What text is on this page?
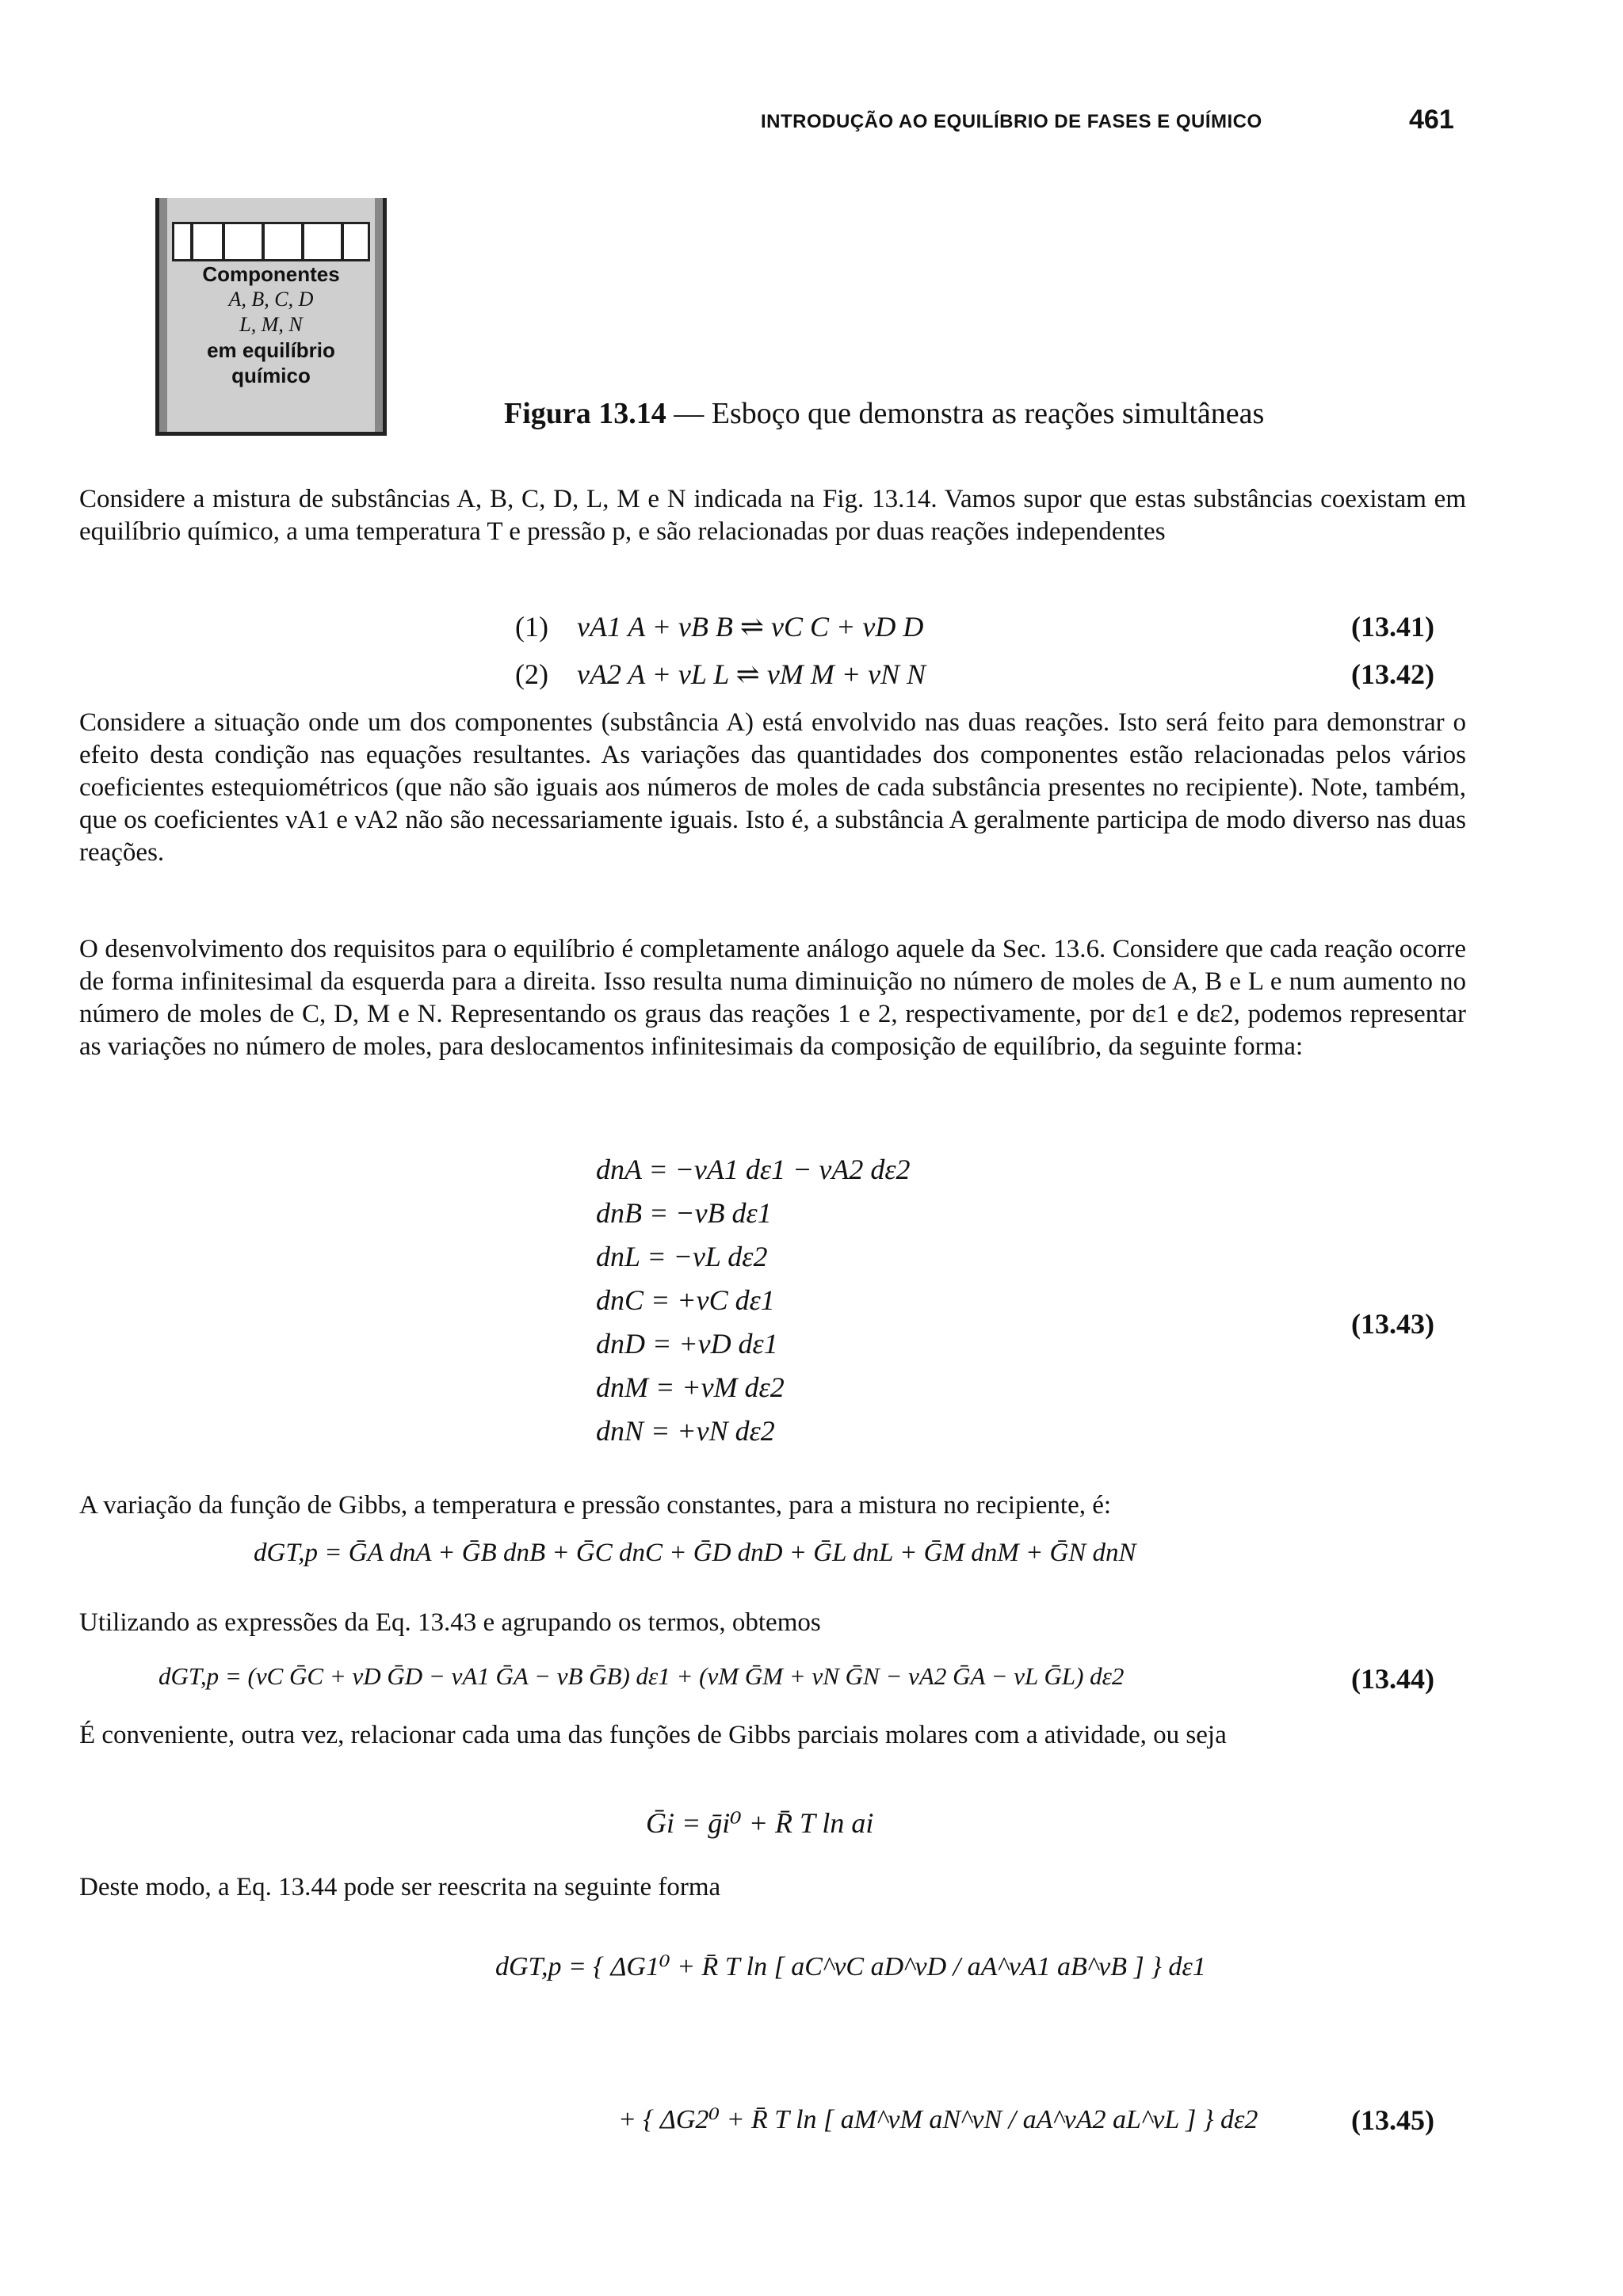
INTRODUÇÃO AO EQUILÍBRIO DE FASES E QUÍMICO	461
Componentes
A, B, C, D
L, M, N
em equilíbrio
químico
Figura 13.14 — Esboço que demonstra as reações simultâneas

Considere a mistura de substâncias A, B, C, D, L, M e N indicada na Fig. 13.14. Vamos supor que estas substâncias coexistam em equilíbrio químico, a uma temperatura T e pressão p, e são relacionadas por duas reações independentes

(1) νA1 A + νB B ⇌ νC C + νD D	(13.41)
(2) νA2 A + νL L ⇌ νM M + νN N	(13.42)

Considere a situação onde um dos componentes (substância A) está envolvido nas duas reações. Isto será feito para demonstrar o efeito desta condição nas equações resultantes. As variações das quantidades dos componentes estão relacionadas pelos vários coeficientes estequiométricos (que não são iguais aos números de moles de cada substância presentes no recipiente). Note, também, que os coeficientes νA1 e νA2 não são necessariamente iguais. Isto é, a substância A geralmente participa de modo diverso nas duas reações.

O desenvolvimento dos requisitos para o equilíbrio é completamente análogo aquele da Sec. 13.6. Considere que cada reação ocorre de forma infinitesimal da esquerda para a direita. Isso resulta numa diminuição no número de moles de A, B e L e num aumento no número de moles de C, D, M e N. Representando os graus das reações 1 e 2, respectivamente, por dε1 e dε2, podemos representar as variações no número de moles, para deslocamentos infinitesimais da composição de equilíbrio, da seguinte forma:

dnA = −νA1 dε1 − νA2 dε2
dnB = −νB dε1
dnL = −νL dε2
dnC = +νC dε1
dnD = +νD dε1
dnM = +νM dε2
dnN = +νN dε2
(13.43)

A variação da função de Gibbs, a temperatura e pressão constantes, para a mistura no recipiente, é:

dGT,p = ḠA dnA + ḠB dnB + ḠC dnC + ḠD dnD + ḠL dnL + ḠM dnM + ḠN dnN

Utilizando as expressões da Eq. 13.43 e agrupando os termos, obtemos

dGT,p = (νC ḠC + νD ḠD − νA1 ḠA − νB ḠB) dε1 + (νM ḠM + νN ḠN − νA2 ḠA − νL ḠL) dε2	(13.44)

É conveniente, outra vez, relacionar cada uma das funções de Gibbs parciais molares com a atividade, ou seja

Ḡi = ḡi⁰ + R̄ T ln ai

Deste modo, a Eq. 13.44 pode ser reescrita na seguinte forma

dGT,p = { ΔG1⁰ + R̄ T ln [ aC^νC aD^νD / aA^νA1 aB^νB ] } dε1
+ { ΔG2⁰ + R̄ T ln [ aM^νM aN^νN / aA^νA2 aL^νL ] } dε2	(13.45)
